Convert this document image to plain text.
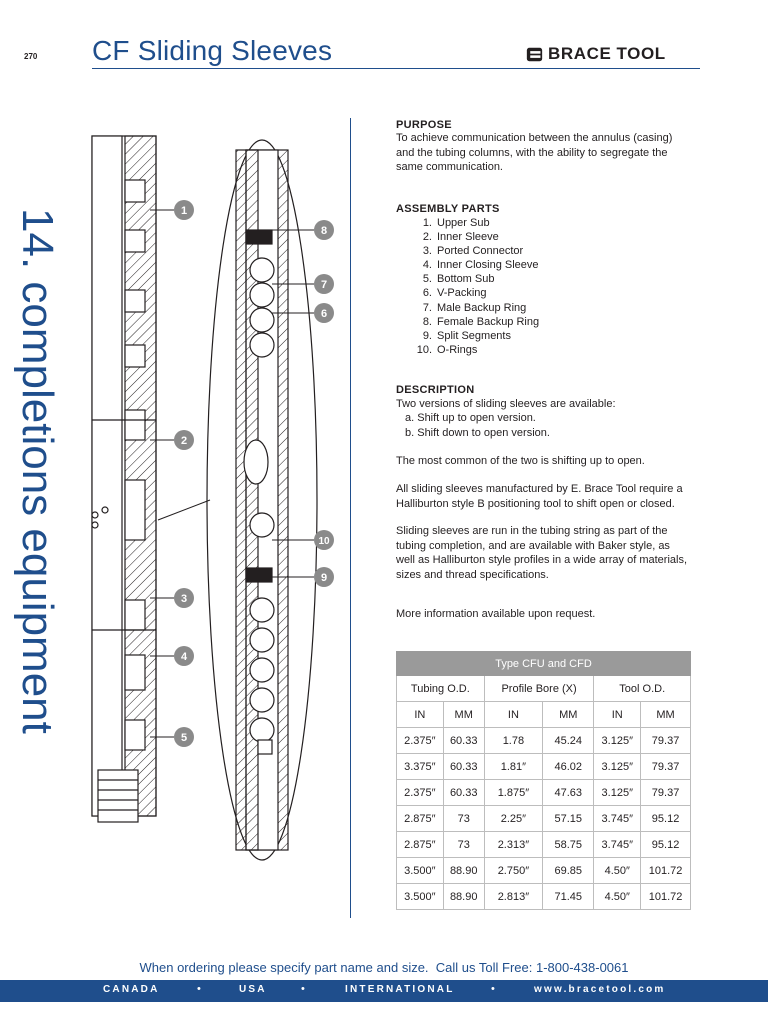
270 CF Sliding Sleeves	BRACE TOOL
14. completions equipment	1
2
3
4
5
6
7
8
9
10
PURPOSE
To achieve communication between the annulus (casing)
and the tubing columns, with the ability to segregate the
same communication.
ASSEMBLY PARTS
1. Upper Sub
2. Inner Sleeve
3. Ported Connector
4. Inner Closing Sleeve
5. Bottom Sub
6. V-Packing
7. Male Backup Ring
8. Female Backup Ring
9. Split Segments
10. O-Rings
DESCRIPTION
Two versions of sliding sleeves are available:
a. Shift up to open version.
b. Shift down to open version.
The most common of the two is shifting up to open.
All sliding sleeves manufactured by E. Brace Tool require a
Halliburton style B positioning tool to shift open or closed.
Sliding sleeves are run in the tubing string as part of the
tubing completion, and are available with Baker style, as
well as Halliburton style profiles in a wide array of materials,
sizes and thread specifications.
More information available upon request.
Type CFU and CFD					
Tubing O.D.		Profile Bore (X)		Tool O.D.	
IN	MM	IN	MM	IN	MM
2.375″	60.33	1.78	45.24	3.125″	79.37
3.375″	60.33	1.81″	46.02	3.125″	79.37
2.375″	60.33	1.875″	47.63	3.125″	79.37
2.875″	73	2.25″	57.15	3.745″	95.12
2.875″	73	2.313″	58.75	3.745″	95.12
3.500″	88.90	2.750″	69.85	4.50″	101.72
3.500″	88.90	2.813″	71.45	4.50″	101.72
When ordering please specify part name and size. Call us Toll Free: 1-800-438-0061
CANADA	•	USA	•	INTERNATIONAL	•	www.bracetool.com
